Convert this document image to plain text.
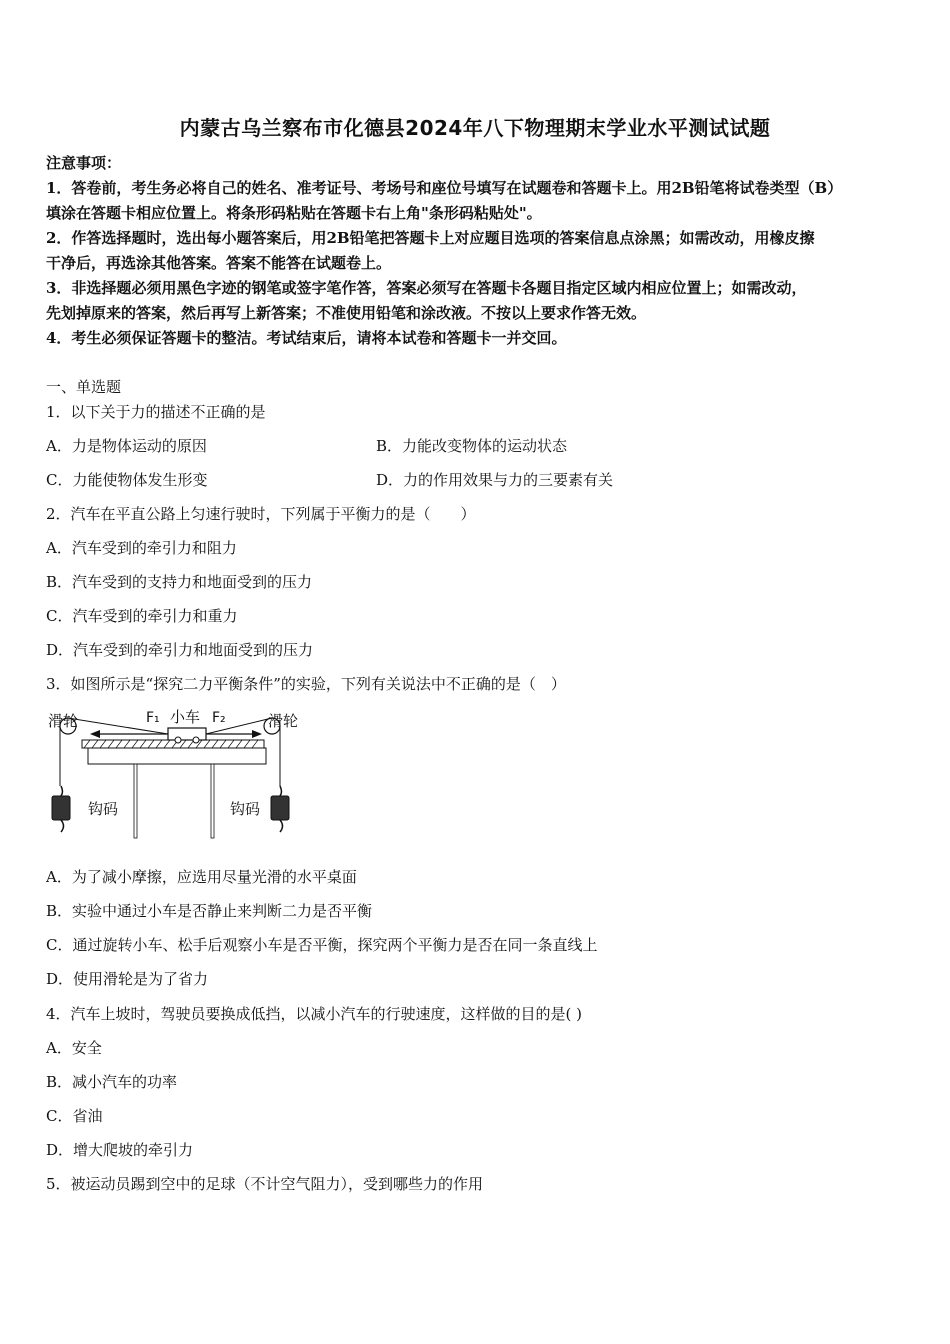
内蒙古乌兰察布市化德县2024年八下物理期末学业水平测试试题
注意事项：
1．答卷前，考生务必将自己的姓名、准考证号、考场号和座位号填写在试题卷和答题卡上。用2B铅笔将试卷类型（B）
填涂在答题卡相应位置上。将条形码粘贴在答题卡右上角"条形码粘贴处"。
2．作答选择题时，选出每小题答案后，用2B铅笔把答题卡上对应题目选项的答案信息点涂黑；如需改动，用橡皮擦
干净后，再选涂其他答案。答案不能答在试题卷上。
3．非选择题必须用黑色字迹的钢笔或签字笔作答，答案必须写在答题卡各题目指定区域内相应位置上；如需改动，
先划掉原来的答案，然后再写上新答案；不准使用铅笔和涂改液。不按以上要求作答无效。
4．考生必须保证答题卡的整洁。考试结束后，请将本试卷和答题卡一并交回。
一、单选题
1．以下关于力的描述不正确的是
A．力是物体运动的原因	B．力能改变物体的运动状态
C．力能使物体发生形变	D．力的作用效果与力的三要素有关
2．汽车在平直公路上匀速行驶时，下列属于平衡力的是（　　）
A．汽车受到的牵引力和阻力
B．汽车受到的支持力和地面受到的压力
C．汽车受到的牵引力和重力
D．汽车受到的牵引力和地面受到的压力
3．如图所示是“探究二力平衡条件”的实验，下列有关说法中不正确的是（　）
滑轮	滑轮
小车
F₁	F₂
钩码	钩码
A．为了减小摩擦，应选用尽量光滑的水平桌面
B．实验中通过小车是否静止来判断二力是否平衡
C．通过旋转小车、松手后观察小车是否平衡，探究两个平衡力是否在同一条直线上
D．使用滑轮是为了省力
4．汽车上坡时，驾驶员要换成低挡，以减小汽车的行驶速度，这样做的目的是( )
A．安全
B．减小汽车的功率
C．省油
D．增大爬坡的牵引力
5．被运动员踢到空中的足球（不计空气阻力），受到哪些力的作用
